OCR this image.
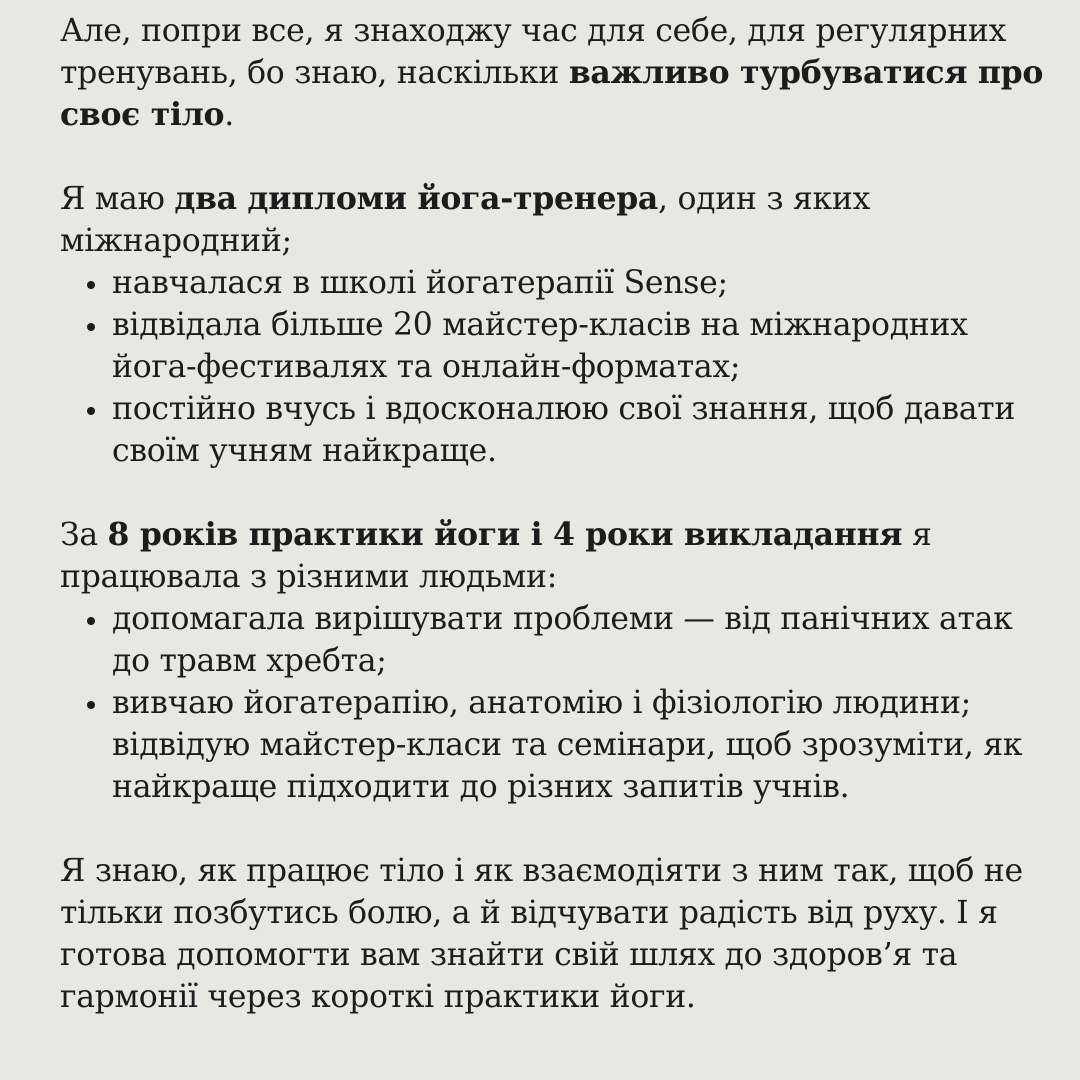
Але, попри все, я знаходжу час для себе, для регулярних тренувань, бо знаю, наскільки важливо турбуватися про своє тіло.

Я маю два дипломи йога-тренера, один з яких міжнародний;

навчалася в школі йогатерапії Sense;
відвідала більше 20 майстер-класів на міжнародних йога-фестивалях та онлайн-форматах;
постійно вчусь і вдосконалюю свої знання, щоб давати своїм учням найкраще.

За 8 років практики йоги і 4 роки викладання я працювала з різними людьми:

допомагала вирішувати проблеми — від панічних атак до травм хребта;
вивчаю йогатерапію, анатомію і фізіологію людини; відвідую майстер-класи та семінари, щоб зрозуміти, як найкраще підходити до різних запитів учнів.

Я знаю, як працює тіло і як взаємодіяти з ним так, щоб не тільки позбутись болю, а й відчувати радість від руху. І я готова допомогти вам знайти свій шлях до здоров’я та гармонії через короткі практики йоги.
